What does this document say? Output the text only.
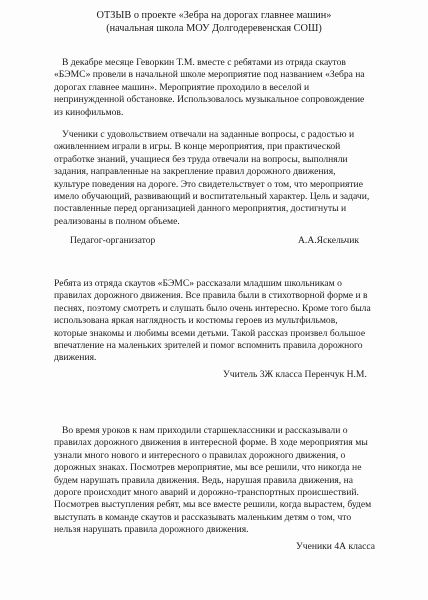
ОТЗЫВ о проекте «Зебра на дорогах главнее машин»
(начальная школа МОУ Долгодеревенская СОШ)
В декабре месяце Геворкин Т.М. вместе с ребятами из отряда скаутов
«БЭМС» провели в начальной школе мероприятие под названием «Зебра на
дорогах главнее машин». Мероприятие проходило в веселой и
непринужденной обстановке. Использовалось музыкальное сопровождение
из кинофильмов.
Ученики с удовольствием отвечали на заданные вопросы, с радостью и
оживленнием играли в игры. В конце мероприятия, при практической
отработке знаний, учащиеся без труда отвечали на вопросы, выполняли
задания, направленные на закрепление правил дорожного движения,
культуре поведения на дороге. Это свидетельствует о том, что мероприятие
имело обучающий, развивающий и воспитательный характер. Цель и задачи,
поставленные перед организацией данного мероприятия, достигнуты и
реализованы в полном объеме.
Педагог-организатор	А.А.Яскельчик
Ребята из отряда скаутов «БЭМС» рассказали младшим школьникам о
правилах дорожного движения. Все правила были в стихотворной форме и в
песнях, поэтому смотреть и слушать было очень интересно. Кроме того была
использована яркая наглядность и костюмы героев из мультфильмов,
которые знакомы и любимы всеми детьми. Такой рассказ произвел большое
впечатление на маленьких зрителей и помог вспомнить правила дорожного
движения.
Учитель 3Ж класса Перенчук Н.М.
Во время уроков к нам приходили старшеклассники и рассказывали о
правилах дорожного движения в интересной форме. В ходе мероприятия мы
узнали много нового и интересного о правилах дорожного движения, о
дорожных знаках. Посмотрев мероприятие, мы все решили, что никогда не
будем нарушать правила движения. Ведь, нарушая правила движения, на
дороге происходит много аварий и дорожно-транспортных происшествий.
Посмотрев выступления ребят, мы все вместе решили, когда вырастем, будем
выступать в команде скаутов и рассказывать маленьким детям о том, что
нельзя нарушать правила дорожного движения.
Ученики 4А класса
